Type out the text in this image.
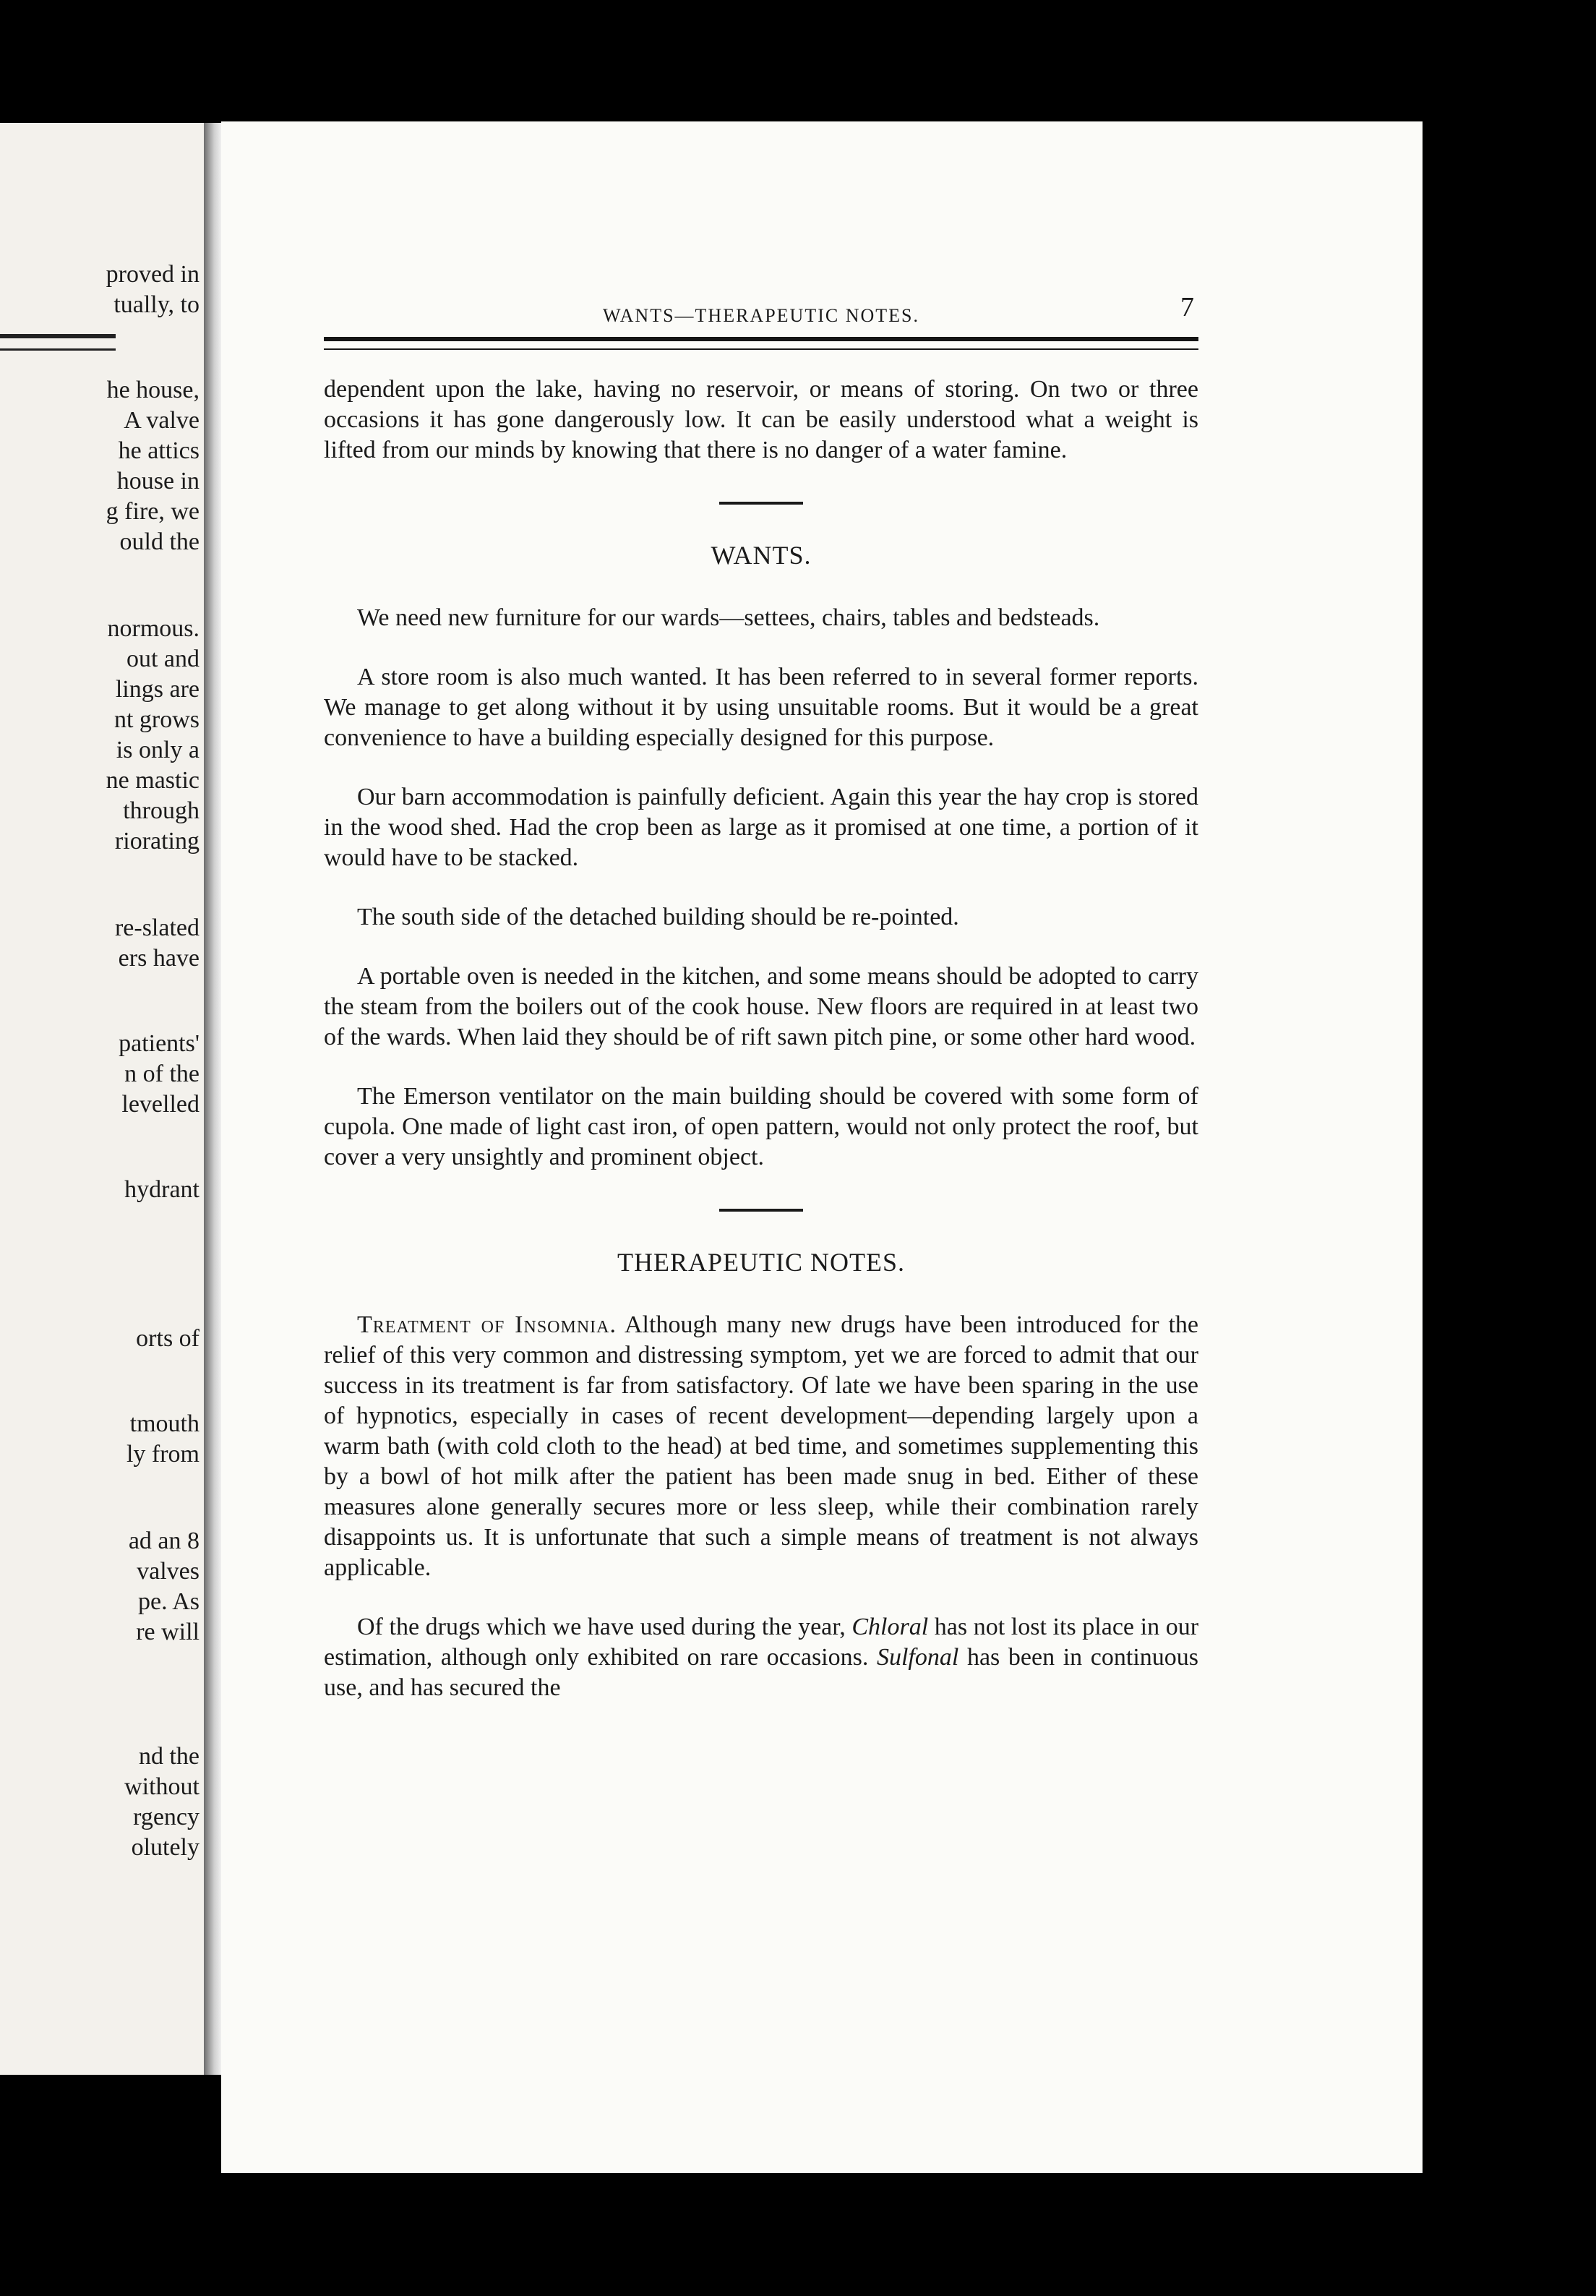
proved in
tually, to
he house,
A valve
he attics
house in
g fire, we
ould the
normous.
out and
lings are
nt grows
is only a
ne mastic
through
riorating
re-slated
ers have
patients'
n of the
levelled
hydrant
orts of
tmouth
ly from
ad an 8
valves
pe. As
re will
nd the
without
rgency
olutely
WANTS—THERAPEUTIC NOTES.	7

dependent upon the lake, having no reservoir, or means of storing. On two or three occasions it has gone dangerously low. It can be easily understood what a weight is lifted from our minds by knowing that there is no danger of a water famine.

WANTS.

We need new furniture for our wards—settees, chairs, tables and bedsteads.

A store room is also much wanted. It has been referred to in several former reports. We manage to get along without it by using unsuitable rooms. But it would be a great convenience to have a building especially designed for this purpose.

Our barn accommodation is painfully deficient. Again this year the hay crop is stored in the wood shed. Had the crop been as large as it promised at one time, a portion of it would have to be stacked.

The south side of the detached building should be re-pointed.

A portable oven is needed in the kitchen, and some means should be adopted to carry the steam from the boilers out of the cook house. New floors are required in at least two of the wards. When laid they should be of rift sawn pitch pine, or some other hard wood.

The Emerson ventilator on the main building should be covered with some form of cupola. One made of light cast iron, of open pattern, would not only protect the roof, but cover a very unsightly and prominent object.

THERAPEUTIC NOTES.

Treatment of Insomnia. Although many new drugs have been introduced for the relief of this very common and distressing symptom, yet we are forced to admit that our success in its treatment is far from satisfactory. Of late we have been sparing in the use of hypnotics, especially in cases of recent development—depending largely upon a warm bath (with cold cloth to the head) at bed time, and sometimes supplementing this by a bowl of hot milk after the patient has been made snug in bed. Either of these measures alone generally secures more or less sleep, while their combination rarely disappoints us. It is unfortunate that such a simple means of treatment is not always applicable.

Of the drugs which we have used during the year, Chloral has not lost its place in our estimation, although only exhibited on rare occasions. Sulfonal has been in continuous use, and has secured the
